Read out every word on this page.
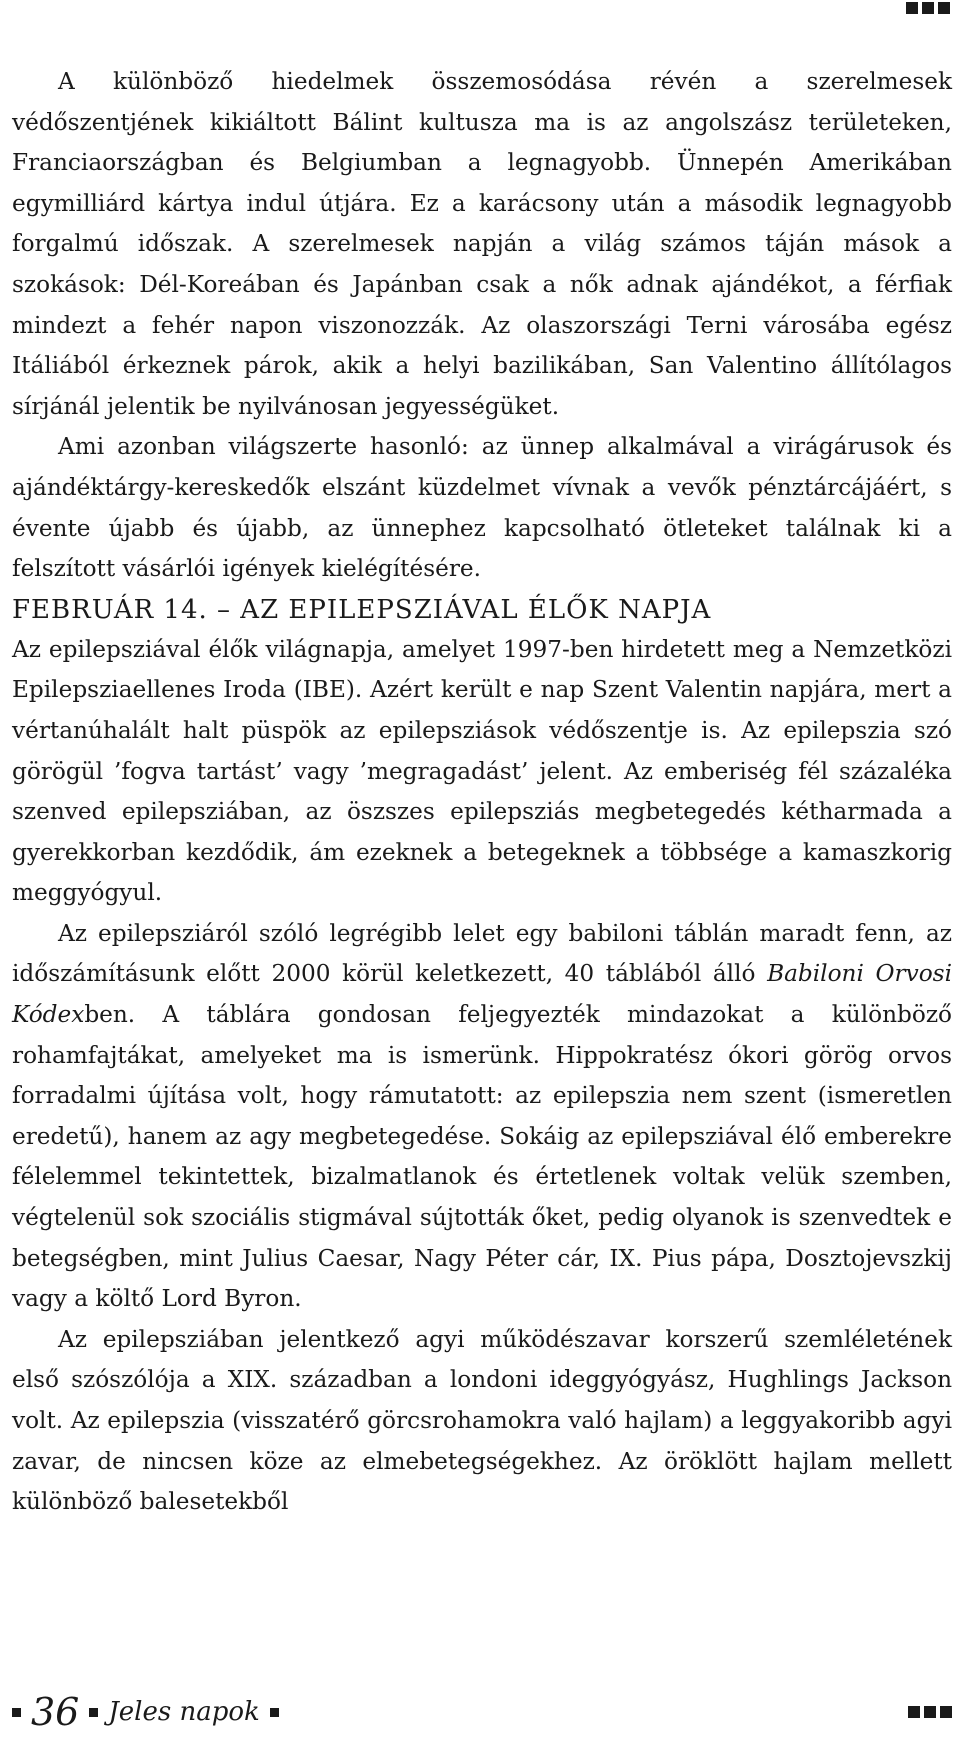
A különböző hiedelmek összemosódása révén a szerelmesek védőszentjének kikiáltott Bálint kultusza ma is az angolszász területeken, Franciaországban és Belgiumban a legnagyobb. Ünnepén Amerikában egymilliárd kártya indul útjára. Ez a karácsony után a második legnagyobb forgalmú időszak. A szerelmesek napján a világ számos táján mások a szokások: Dél-Koreában és Japánban csak a nők adnak ajándékot, a férfiak mindezt a fehér napon viszonozzák. Az olaszországi Terni városába egész Itáliából érkeznek párok, akik a helyi bazilikában, San Valentino állítólagos sírjánál jelentik be nyilvánosan jegyességüket.

Ami azonban világszerte hasonló: az ünnep alkalmával a virágárusok és ajándéktárgy-kereskedők elszánt küzdelmet vívnak a vevők pénztárcájáért, s évente újabb és újabb, az ünnephez kapcsolható ötleteket találnak ki a felszított vásárlói igények kielégítésére.

FEBRUÁR 14. – AZ EPILEPSZIÁVAL ÉLŐK NAPJA

Az epilepsziával élők világnapja, amelyet 1997-ben hirdetett meg a Nemzetközi Epilepsziaellenes Iroda (IBE). Azért került e nap Szent Valentin napjára, mert a vértanúhalált halt püspök az epilepsziások védőszentje is. Az epilepszia szó görögül ’fogva tartást’ vagy ’megragadást’ jelent. Az emberiség fél százaléka szenved epilepsziában, az öszszes epilepsziás megbetegedés kétharmada a gyerekkorban kezdődik, ám ezeknek a betegeknek a többsége a kamaszkorig meggyógyul.

Az epilepsziáról szóló legrégibb lelet egy babiloni táblán maradt fenn, az időszámításunk előtt 2000 körül keletkezett, 40 táblából álló Babiloni Orvosi Kódexben. A táblára gondosan feljegyezték mindazokat a különböző rohamfajtákat, amelyeket ma is ismerünk. Hippokratész ókori görög orvos forradalmi újítása volt, hogy rámutatott: az epilepszia nem szent (ismeretlen eredetű), hanem az agy megbetegedése. Sokáig az epilepsziával élő emberekre félelemmel tekintettek, bizalmatlanok és értetlenek voltak velük szemben, végtelenül sok szociális stigmával sújtották őket, pedig olyanok is szenvedtek e betegségben, mint Julius Caesar, Nagy Péter cár, IX. Pius pápa, Dosztojevszkij vagy a költő Lord Byron.

Az epilepsziában jelentkező agyi működészavar korszerű szemléletének első szószólója a XIX. században a londoni ideggyógyász, Hughlings Jackson volt. Az epilepszia (visszatérő görcsrohamokra való hajlam) a leggyakoribb agyi zavar, de nincsen köze az elmebetegségekhez. Az öröklött hajlam mellett különböző balesetekből

36 Jeles napok
